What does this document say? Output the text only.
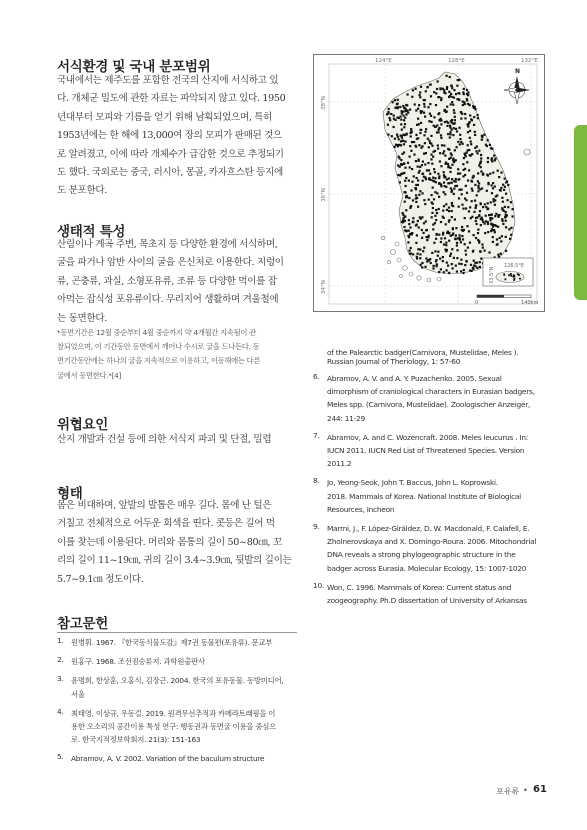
서식환경 및 국내 분포범위
국내에서는 제주도를 포함한 전국의 산지에 서식하고 있
다. 개체군 밀도에 관한 자료는 파악되지 않고 있다. 1950
년대부터 모피와 기름을 얻기 위해 남획되었으며, 특히
1953년에는 한 해에 13,000여 장의 모피가 판매된 것으
로 알려졌고, 이에 따라 개체수가 급감한 것으로 추정되기
도 했다. 국외로는 중국, 러시아, 몽골, 카자흐스탄 등지에
도 분포한다.
생태적 특성
산림이나 계곡 주변, 목초지 등 다양한 환경에 서식하며,
굴을 파거나 암반 사이의 굴을 은신처로 이용한다. 지렁이
류, 곤충류, 과실, 소형포유류, 조류 등 다양한 먹이를 잡
아먹는 잡식성 포유류이다. 무리지어 생활하며 겨울철에
는 동면한다.
*동면기간은 12월 중순부터 4월 중순까지 약 4개월간 지속됨이 관
찰되었으며, 이 기간동안 동면에서 깨어나 수시로 굴을 드나든다. 동
면기간동안에는 하나의 굴을 지속적으로 이용하고, 이동해에는 다른
굴에서 동면한다.*[4]
위협요인
산지 개발과 건설 등에 의한 서식지 파괴 및 단절, 밀렵
형태
몸은 비대하며, 앞발의 발톱은 매우 길다. 몸에 난 털은
거칠고 전체적으로 어두운 회색을 띤다. 콧등은 길어 먹
이를 찾는데 이용된다. 머리와 몸통의 길이 50~80㎝, 꼬
리의 길이 11~19㎝, 귀의 길이 3.4~3.9㎝, 뒷발의 길이는
5.7~9.1㎝ 정도이다.
참고문헌
1. 원병휘. 1967. 『한국동식물도감』제7권 동물편(포유류). 문교부
2. 원홍구. 1968. 조선짐승류지. 과학원출판사
3. 윤명희, 한상훈, 오홍식, 김장근. 2004. 한국의 포유동물. 동방미디어,
서울
4. 최태영, 이상규, 우동걸. 2019. 원격무선추적과 카메라트래핑을 이
용한 오소리의 공간이용 특성 연구: 행동권과 동면굴 이용을 중심으
로. 한국지적정보학회지. 21(3): 151-163
5. Abramov, A. V. 2002. Variation of the baculum structure
of the Palearctic badger(Carnivora, Mustelidae, Meles ).
Russian Journal of Theriology, 1: 57-60
6. Abramov, A. V. and A. Y. Puzachenko. 2005. Sexual
dimorphism of craniological characters in Eurasian badgers,
Meles spp. (Carnivora, Mustelidae). Zoologischer Anzeiger,
244: 11-29
7. Abramov, A. and C. Wozencraft. 2008. Meles leucurus . In:
IUCN 2011. IUCN Red List of Threatened Species. Version
2011.2
8. Jo, Yeong-Seok, John T. Baccus, John L. Koprowski.
2018. Mammals of Korea. National Institute of Biological
Resources, Incheon
9. Marmi, J., F. López-Giráldez, D. W. Macdonald, F. Calafell, E.
Zholnerovskaya and X. Domingo-Roura. 2006. Mitochondrial
DNA reveals a strong phylogeographic structure in the
badger across Eurasia. Molecular Ecology, 15: 1007-1020
10. Won, C. 1996. Mammals of Korea: Current status and
zoogeography. Ph.D dissertation of University of Arkansas
126.5°E
33.5°N
124°E	128°E	132°E
38°N
36°N
34°N
N
0	140km
포유류 • 61
